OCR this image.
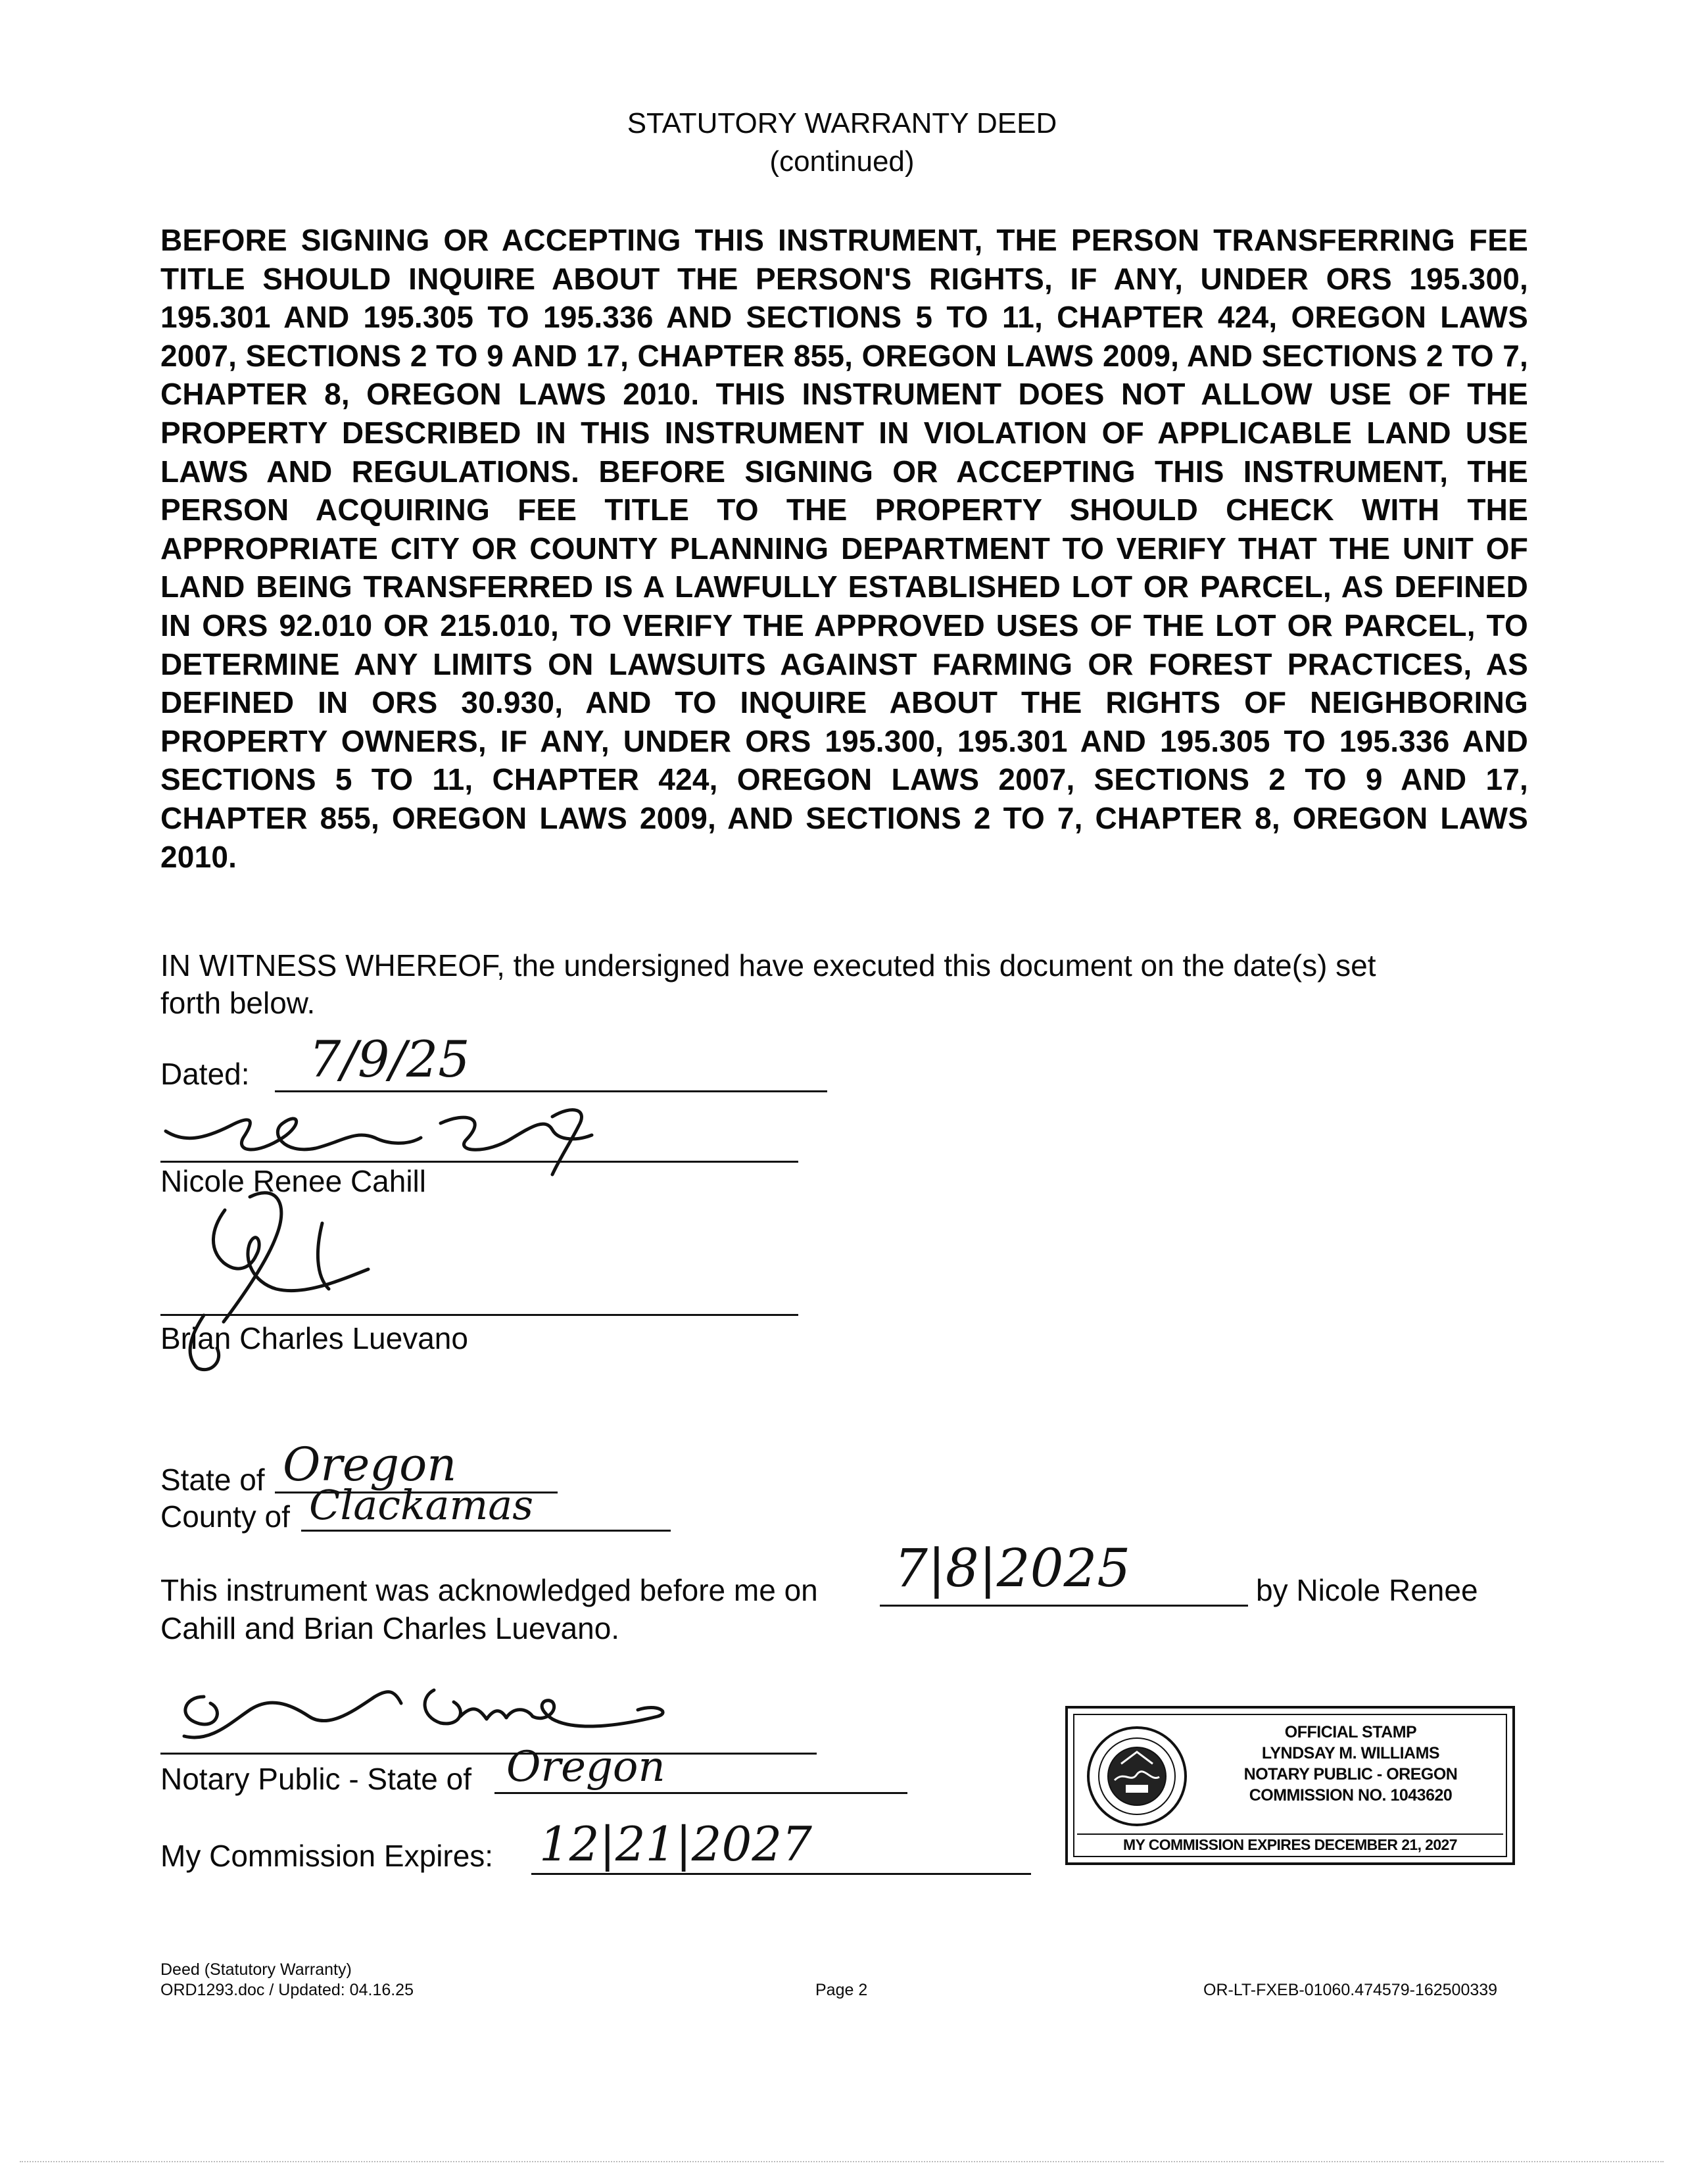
STATUTORY WARRANTY DEED
(continued)
BEFORE SIGNING OR ACCEPTING THIS INSTRUMENT, THE PERSON TRANSFERRING FEE TITLE SHOULD INQUIRE ABOUT THE PERSON'S RIGHTS, IF ANY, UNDER ORS 195.300, 195.301 AND 195.305 TO 195.336 AND SECTIONS 5 TO 11, CHAPTER 424, OREGON LAWS 2007, SECTIONS 2 TO 9 AND 17, CHAPTER 855, OREGON LAWS 2009, AND SECTIONS 2 TO 7, CHAPTER 8, OREGON LAWS 2010. THIS INSTRUMENT DOES NOT ALLOW USE OF THE PROPERTY DESCRIBED IN THIS INSTRUMENT IN VIOLATION OF APPLICABLE LAND USE LAWS AND REGULATIONS. BEFORE SIGNING OR ACCEPTING THIS INSTRUMENT, THE PERSON ACQUIRING FEE TITLE TO THE PROPERTY SHOULD CHECK WITH THE APPROPRIATE CITY OR COUNTY PLANNING DEPARTMENT TO VERIFY THAT THE UNIT OF LAND BEING TRANSFERRED IS A LAWFULLY ESTABLISHED LOT OR PARCEL, AS DEFINED IN ORS 92.010 OR 215.010, TO VERIFY THE APPROVED USES OF THE LOT OR PARCEL, TO DETERMINE ANY LIMITS ON LAWSUITS AGAINST FARMING OR FOREST PRACTICES, AS DEFINED IN ORS 30.930, AND TO INQUIRE ABOUT THE RIGHTS OF NEIGHBORING PROPERTY OWNERS, IF ANY, UNDER ORS 195.300, 195.301 AND 195.305 TO 195.336 AND SECTIONS 5 TO 11, CHAPTER 424, OREGON LAWS 2007, SECTIONS 2 TO 9 AND 17, CHAPTER 855, OREGON LAWS 2009, AND SECTIONS 2 TO 7, CHAPTER 8, OREGON LAWS 2010.
IN WITNESS WHEREOF, the undersigned have executed this document on the date(s) set
forth below.
Dated: 7/9/25
Nicole Renee Cahill
Brian Charles Luevano
State of Oregon
County of Clackamas
This instrument was acknowledged before me on 7|8|2025	by Nicole Renee
Cahill and Brian Charles Luevano.
Notary Public - State of Oregon
My Commission Expires: 12|21|2027
OFFICIAL STAMP
LYNDSAY M. WILLIAMS
NOTARY PUBLIC - OREGON
COMMISSION NO. 1043620
MY COMMISSION EXPIRES DECEMBER 21, 2027
Deed (Statutory Warranty)
ORD1293.doc / Updated: 04.16.25	Page 2	OR-LT-FXEB-01060.474579-162500339
